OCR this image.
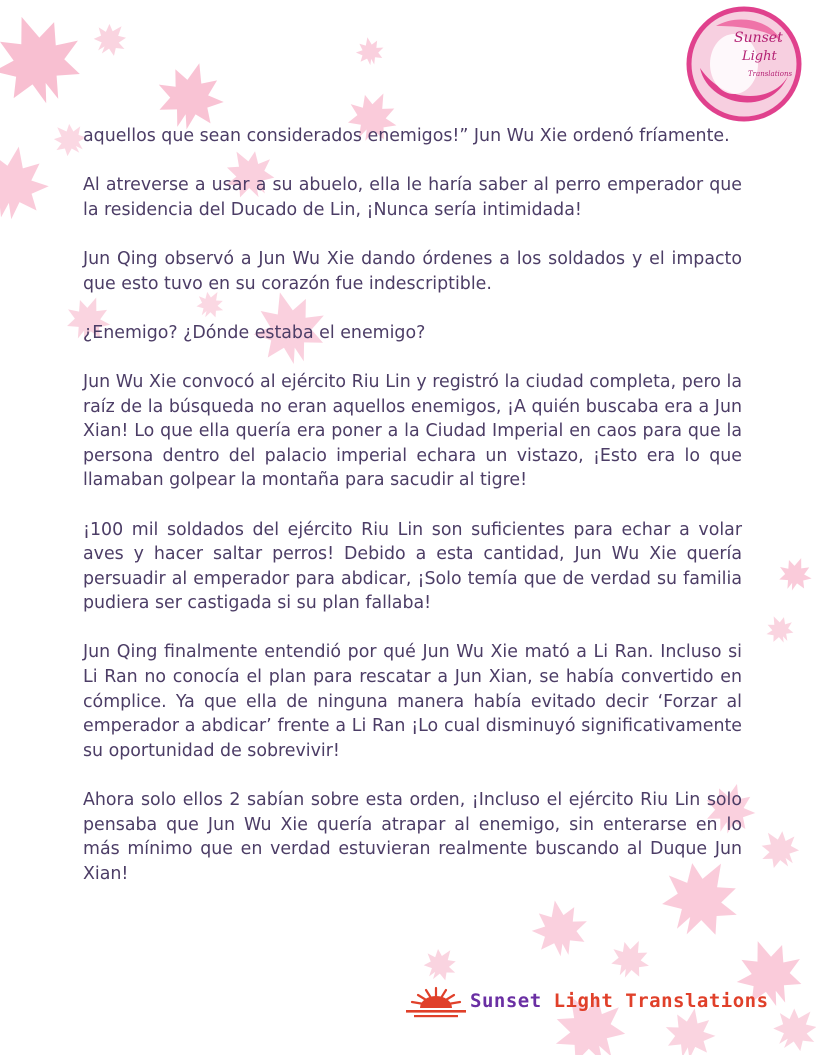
Sunset
Light
Translations

aquellos que sean considerados enemigos!” Jun Wu Xie ordenó fríamente.

Al atreverse a usar a su abuelo, ella le haría saber al perro emperador que la residencia del Ducado de Lin, ¡Nunca sería intimidada!

Jun Qing observó a Jun Wu Xie dando órdenes a los soldados y el impacto que esto tuvo en su corazón fue indescriptible.

¿Enemigo? ¿Dónde estaba el enemigo?

Jun Wu Xie convocó al ejército Riu Lin y registró la ciudad completa, pero la raíz de la búsqueda no eran aquellos enemigos, ¡A quién buscaba era a Jun Xian! Lo que ella quería era poner a la Ciudad Imperial en caos para que la persona dentro del palacio imperial echara un vistazo, ¡Esto era lo que llamaban golpear la montaña para sacudir al tigre!

¡100 mil soldados del ejército Riu Lin son suficientes para echar a volar aves y hacer saltar perros! Debido a esta cantidad, Jun Wu Xie quería persuadir al emperador para abdicar, ¡Solo temía que de verdad su familia pudiera ser castigada si su plan fallaba!

Jun Qing finalmente entendió por qué Jun Wu Xie mató a Li Ran. Incluso si Li Ran no conocía el plan para rescatar a Jun Xian, se había convertido en cómplice. Ya que ella de ninguna manera había evitado decir ‘Forzar al emperador a abdicar’ frente a Li Ran ¡Lo cual disminuyó significativamente su oportunidad de sobrevivir!

Ahora solo ellos 2 sabían sobre esta orden, ¡Incluso el ejército Riu Lin solo pensaba que Jun Wu Xie quería atrapar al enemigo, sin enterarse en lo más mínimo que en verdad estuvieran realmente buscando al Duque Jun Xian!

Sunset Light Translations
